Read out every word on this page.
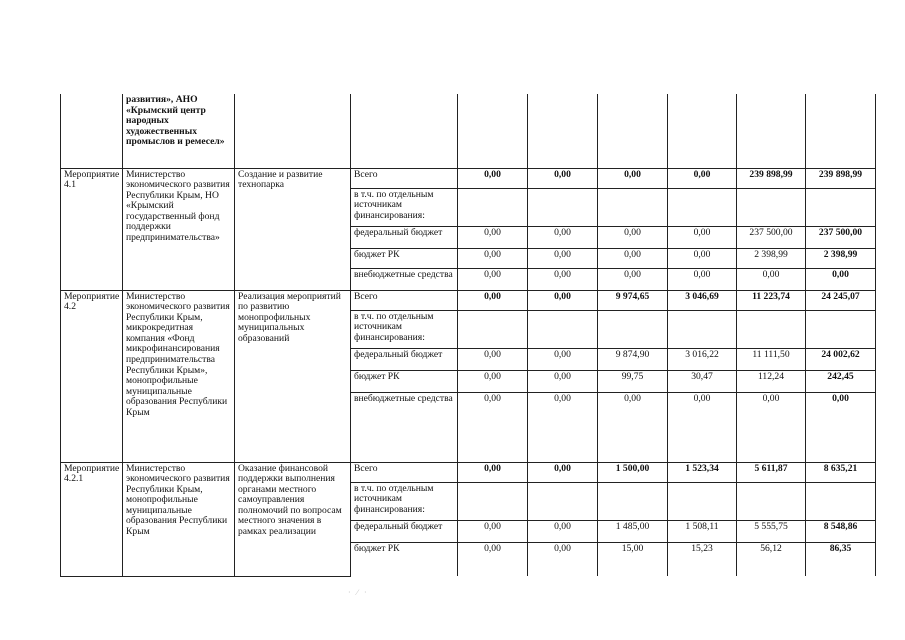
	развития», АНО «Крымский центр народных художественных промыслов и ремесел»								
Мероприятие 4.1	Министерство экономического развития Республики Крым, НО «Крымский государственный фонд поддержки предпринимательства»	Создание и развитие технопарка	Всего	0,00	0,00	0,00	0,00	239 898,99	239 898,99
			в т.ч. по отдельным источникам финансирования:						
			федеральный бюджет	0,00	0,00	0,00	0,00	237 500,00	237 500,00
			бюджет РК	0,00	0,00	0,00	0,00	2 398,99	2 398,99
			внебюджетные средства	0,00	0,00	0,00	0,00	0,00	0,00
Мероприятие 4.2	Министерство экономического развития Республики Крым, микрокредитная компания «Фонд микрофинансирования предпринимательства Республики Крым», монопрофильные муниципальные образования Республики Крым	Реализация мероприятий по развитию монопрофильных муниципальных образований	Всего	0,00	0,00	9 974,65	3 046,69	11 223,74	24 245,07
			в т.ч. по отдельным источникам финансирования:						
			федеральный бюджет	0,00	0,00	9 874,90	3 016,22	11 111,50	24 002,62
			бюджет РК	0,00	0,00	99,75	30,47	112,24	242,45
			внебюджетные средства	0,00	0,00	0,00	0,00	0,00	0,00
Мероприятие 4.2.1	Министерство экономического развития Республики Крым, монопрофильные муниципальные образования Республики Крым	Оказание финансовой поддержки выполнения органами местного самоуправления полномочий по вопросам местного значения в рамках реализации	Всего	0,00	0,00	1 500,00	1 523,34	5 611,87	8 635,21
			в т.ч. по отдельным источникам финансирования:						
			федеральный бюджет	0,00	0,00	1 485,00	1 508,11	5 555,75	8 548,86
			бюджет РК	0,00	0,00	15,00	15,23	56,12	86,35
· ⁄ ·
